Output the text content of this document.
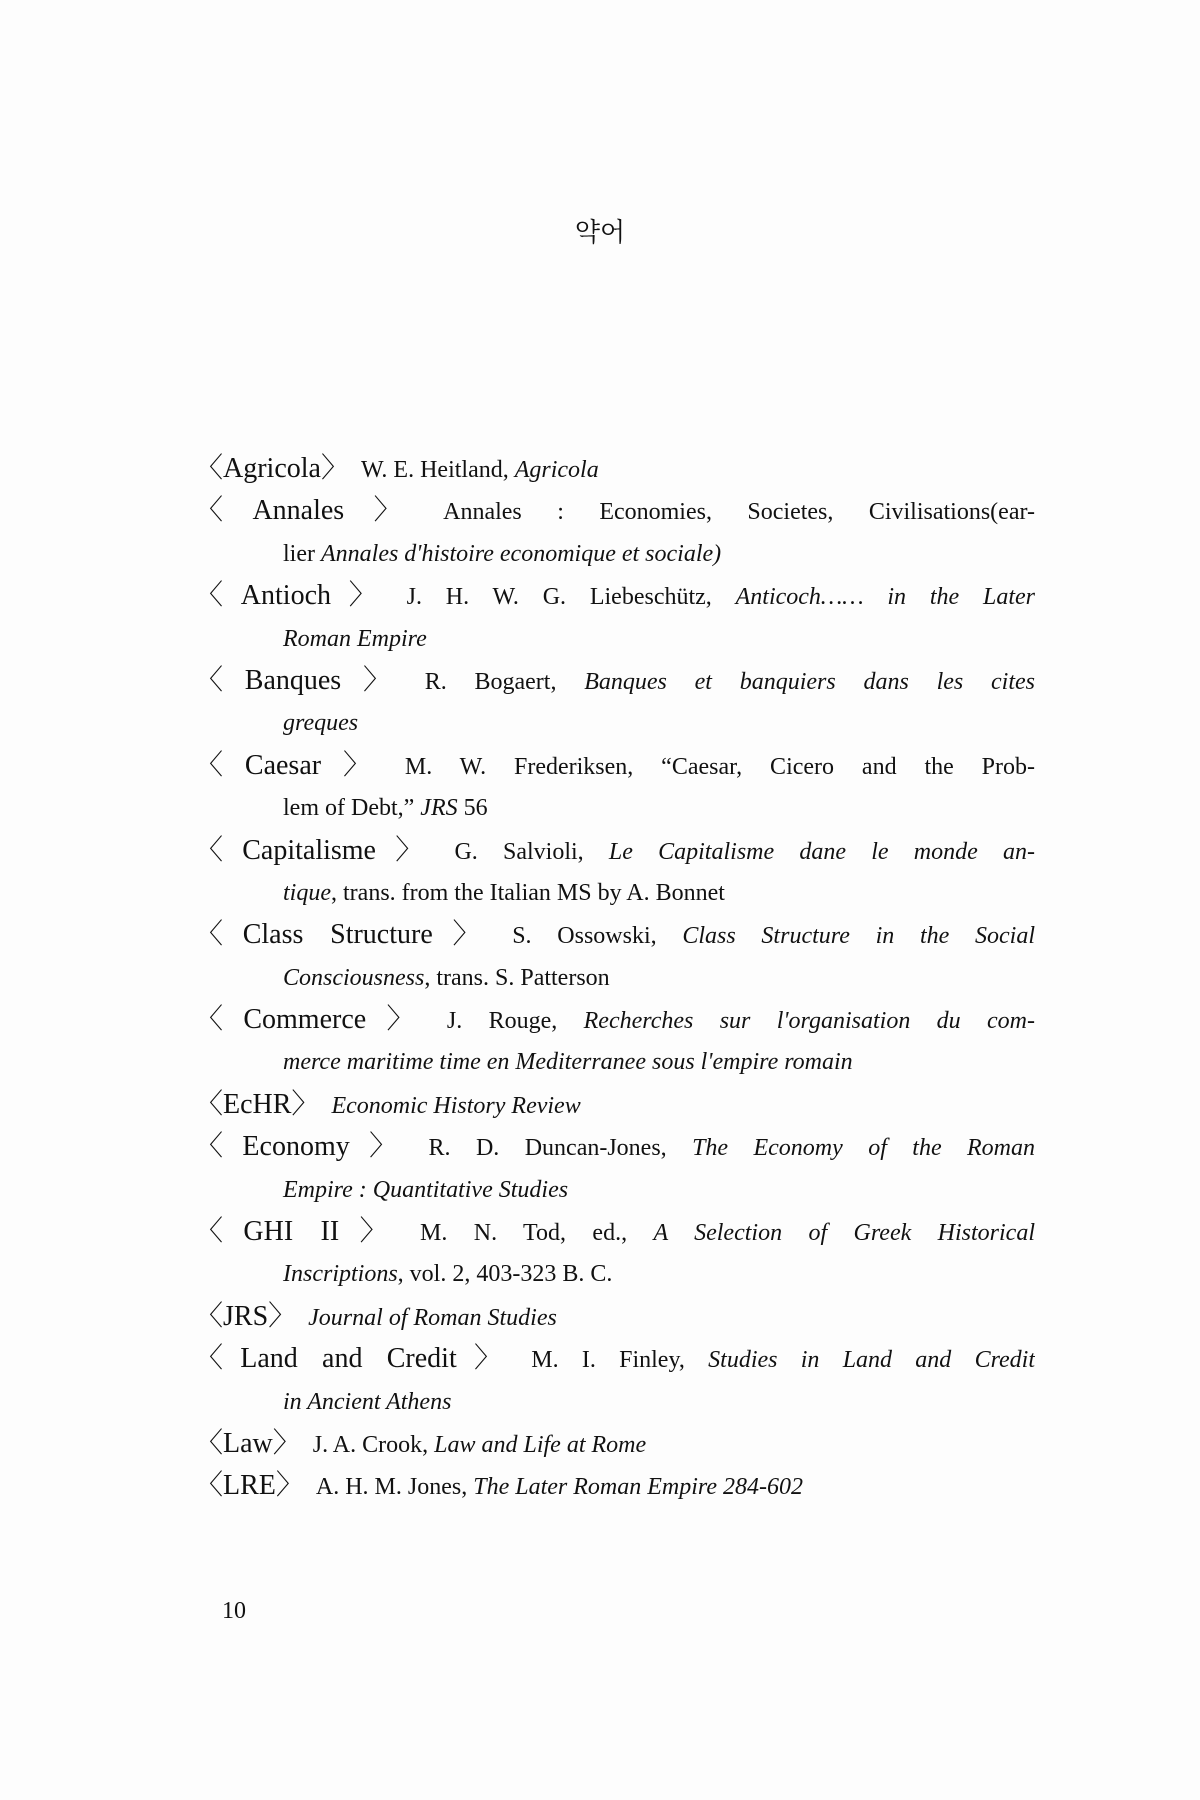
약어
〈Agricola〉 W. E. Heitland, Agricola
〈Annales〉 Annales : Economies, Societes, Civilisations(ear-
lier Annales d'histoire economique et sociale)
〈Antioch〉 J. H. W. G. Liebeschütz, Anticoch…… in the Later
Roman Empire
〈Banques〉 R. Bogaert, Banques et banquiers dans les cites
greques
〈Caesar〉 M. W. Frederiksen, “Caesar, Cicero and the Prob-
lem of Debt,” JRS 56
〈Capitalisme〉 G. Salvioli, Le Capitalisme dane le monde an-
tique, trans. from the Italian MS by A. Bonnet
〈Class Structure〉 S. Ossowski, Class Structure in the Social
Consciousness, trans. S. Patterson
〈Commerce〉 J. Rouge, Recherches sur l'organisation du com-
merce maritime time en Mediterranee sous l'empire romain
〈EcHR〉 Economic History Review
〈Economy〉 R. D. Duncan-Jones, The Economy of the Roman
Empire : Quantitative Studies
〈GHI II〉 M. N. Tod, ed., A Selection of Greek Historical
Inscriptions, vol. 2, 403-323 B. C.
〈JRS〉 Journal of Roman Studies
〈Land and Credit〉 M. I. Finley, Studies in Land and Credit
in Ancient Athens
〈Law〉 J. A. Crook, Law and Life at Rome
〈LRE〉 A. H. M. Jones, The Later Roman Empire 284-602
10
